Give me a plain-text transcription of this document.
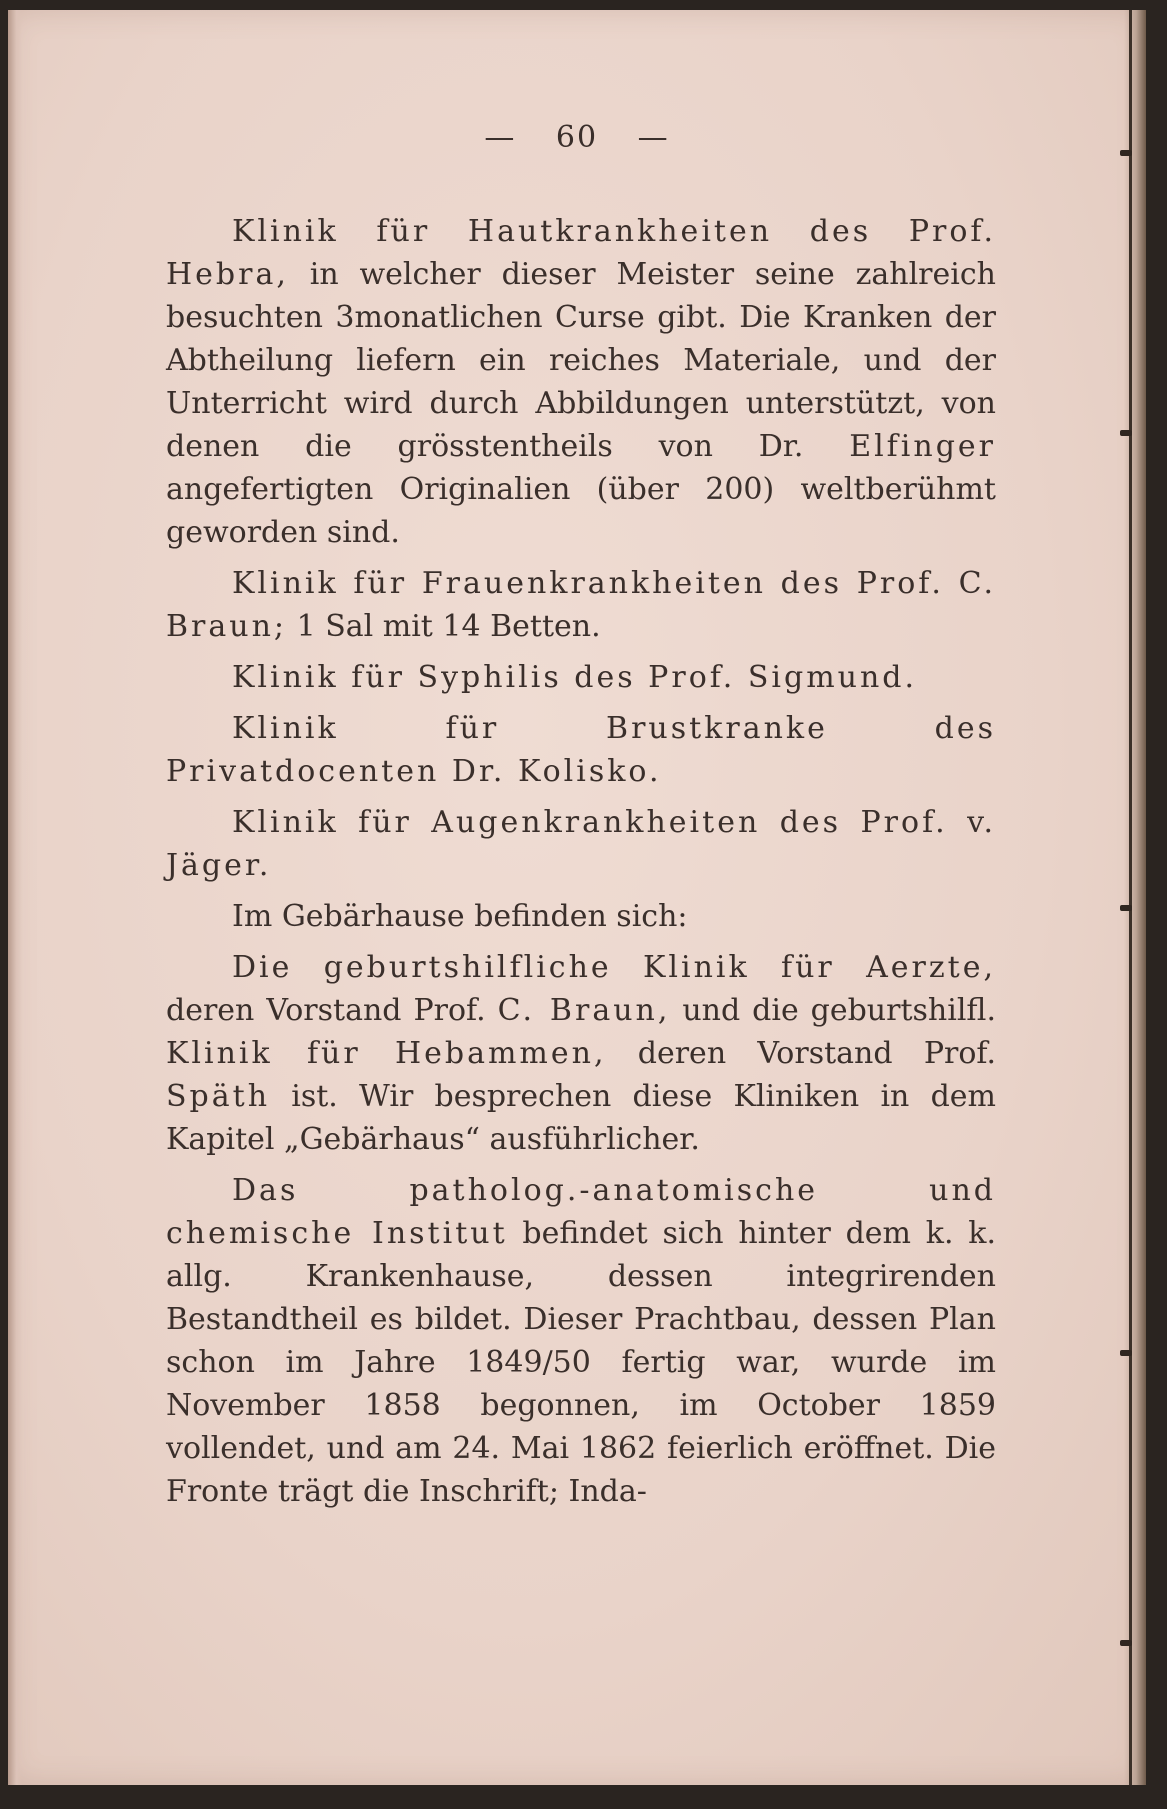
— 60 —

Klinik für Hautkrankheiten des Prof. Hebra, in welcher dieser Meister seine zahlreich besuchten 3monatlichen Curse gibt. Die Kranken der Abtheilung liefern ein reiches Materiale, und der Unterricht wird durch Abbildungen unterstützt, von denen die grösstentheils von Dr. Elfinger angefertigten Originalien (über 200) weltberühmt geworden sind.

Klinik für Frauenkrankheiten des Prof. C. Braun; 1 Sal mit 14 Betten.

Klinik für Syphilis des Prof. Sigmund.

Klinik für Brustkranke des Privatdocenten Dr. Kolisko.

Klinik für Augenkrankheiten des Prof. v. Jäger.

Im Gebärhause befinden sich:

Die geburtshilfliche Klinik für Aerzte, deren Vorstand Prof. C. Braun, und die geburtshilfl. Klinik für Hebammen, deren Vorstand Prof. Späth ist. Wir besprechen diese Kliniken in dem Kapitel „Gebärhaus“ ausführlicher.

Das patholog.-anatomische und chemische Institut befindet sich hinter dem k. k. allg. Krankenhause, dessen integrirenden Bestandtheil es bildet. Dieser Prachtbau, dessen Plan schon im Jahre 1849/50 fertig war, wurde im November 1858 begonnen, im October 1859 vollendet, und am 24. Mai 1862 feierlich eröffnet. Die Fronte trägt die Inschrift; Inda-
